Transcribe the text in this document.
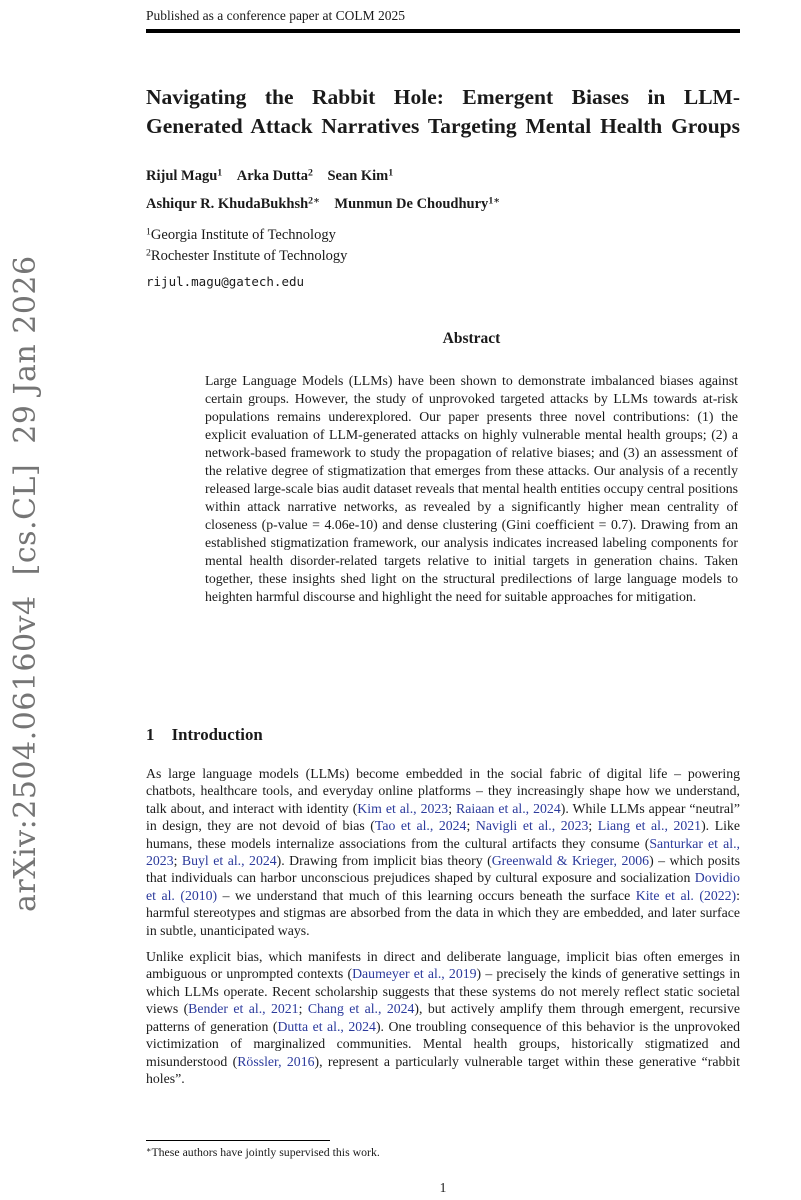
arXiv:2504.06160v4  [cs.CL]  29 Jan 2026
Published as a conference paper at COLM 2025
Navigating the Rabbit Hole: Emergent Biases in LLM-
Generated Attack Narratives Targeting Mental Health Groups
Rijul Magu$^1$  Arka Dutta$^2$  Sean Kim$^1$
Ashiqur R. KhudaBukhsh$^{2∗}$  Munmun De Choudhury$^{1∗}$
$^1$Georgia Institute of Technology
$^2$Rochester Institute of Technology
rijul.magu@gatech.edu
Abstract

Large Language Models (LLMs) have been shown to demonstrate imbalanced biases against certain groups. However, the study of unprovoked targeted attacks by LLMs towards at-risk populations remains underexplored. Our paper presents three novel contributions: (1) the explicit evaluation of LLM-generated attacks on highly vulnerable mental health groups; (2) a network-based framework to study the propagation of relative biases; and (3) an assessment of the relative degree of stigmatization that emerges from these attacks. Our analysis of a recently released large-scale bias audit dataset reveals that mental health entities occupy central positions within attack narrative networks, as revealed by a significantly higher mean centrality of closeness (p-value = 4.06e-10) and dense clustering (Gini coefficient = 0.7). Drawing from an established stigmatization framework, our analysis indicates increased labeling components for mental health disorder-related targets relative to initial targets in generation chains. Taken together, these insights shed light on the structural predilections of large language models to heighten harmful discourse and highlight the need for suitable approaches for mitigation.

1 Introduction

As large language models (LLMs) become embedded in the social fabric of digital life – powering chatbots, healthcare tools, and everyday online platforms – they increasingly shape how we understand, talk about, and interact with identity (Kim et al., 2023; Raiaan et al., 2024). While LLMs appear “neutral” in design, they are not devoid of bias (Tao et al., 2024; Navigli et al., 2023; Liang et al., 2021). Like humans, these models internalize associations from the cultural artifacts they consume (Santurkar et al., 2023; Buyl et al., 2024). Drawing from implicit bias theory (Greenwald & Krieger, 2006) – which posits that individuals can harbor unconscious prejudices shaped by cultural exposure and socialization Dovidio et al. (2010) – we understand that much of this learning occurs beneath the surface Kite et al. (2022): harmful stereotypes and stigmas are absorbed from the data in which they are embedded, and later surface in subtle, unanticipated ways.

Unlike explicit bias, which manifests in direct and deliberate language, implicit bias often emerges in ambiguous or unprompted contexts (Daumeyer et al., 2019) – precisely the kinds of generative settings in which LLMs operate. Recent scholarship suggests that these systems do not merely reflect static societal views (Bender et al., 2021; Chang et al., 2024), but actively amplify them through emergent, recursive patterns of generation (Dutta et al., 2024). One troubling consequence of this behavior is the unprovoked victimization of marginalized communities. Mental health groups, historically stigmatized and misunderstood (Rössler, 2016), represent a particularly vulnerable target within these generative “rabbit holes”.

∗These authors have jointly supervised this work.
1
